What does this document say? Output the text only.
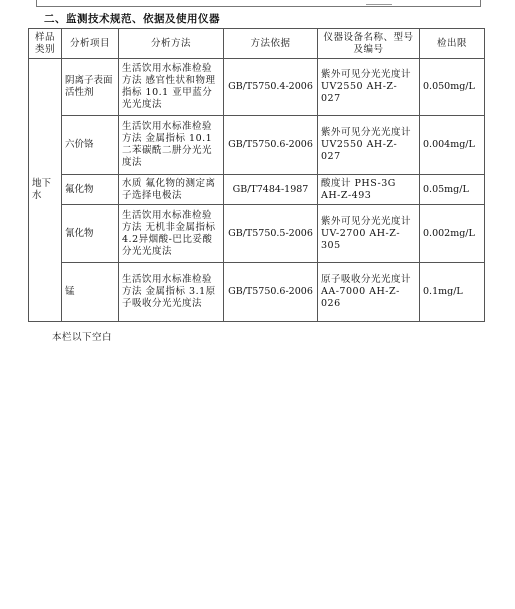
二、监测技术规范、依据及使用仪器
样品类别	分析项目	分析方法	方法依据	仪器设备名称、型号及编号	检出限
地下水	阴离子表面活性剂	生活饮用水标准检验方法 感官性状和物理指标 10.1 亚甲蓝分光光度法	GB/T5750.4-2006	紫外可见分光光度计 UV2550 AH-Z-027	0.050mg/L
	六价铬	生活饮用水标准检验方法 金属指标 10.1 二苯碳酰二肼分光光度法	GB/T5750.6-2006	紫外可见分光光度计 UV2550 AH-Z-027	0.004mg/L
	氟化物	水质 氟化物的测定离子选择电极法	GB/T7484-1987	酸度计 PHS-3G AH-Z-493	0.05mg/L
	氰化物	生活饮用水标准检验方法 无机非金属指标 4.2异烟酸-巴比妥酸分光光度法	GB/T5750.5-2006	紫外可见分光光度计 UV-2700 AH-Z-305	0.002mg/L
	锰	生活饮用水标准检验方法 金属指标 3.1原子吸收分光光度法	GB/T5750.6-2006	原子吸收分光光度计 AA-7000 AH-Z-026	0.1mg/L
本栏以下空白
